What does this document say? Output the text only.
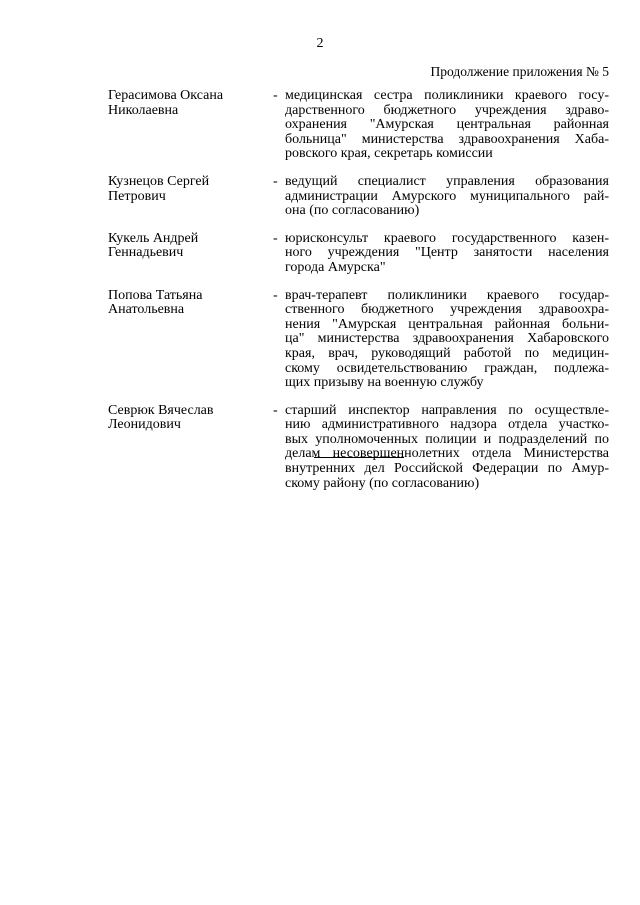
2
Продолжение приложения № 5
Герасимова Оксана
Николаевна
- медицинская сестра поликлиники краевого госу-
дарственного бюджетного учреждения здраво-
охранения "Амурская центральная районная
больница" министерства здравоохранения Хаба-
ровского края, секретарь комиссии
Кузнецов Сергей
Петрович
- ведущий специалист управления образования
администрации Амурского муниципального рай-
она (по согласованию)
Кукель Андрей
Геннадьевич
- юрисконсульт краевого государственного казен-
ного учреждения "Центр занятости населения
города Амурска"
Попова Татьяна
Анатольевна
- врач-терапевт поликлиники краевого государ-
ственного бюджетного учреждения здравоохра-
нения "Амурская центральная районная больни-
ца" министерства здравоохранения Хабаровского
края, врач, руководящий работой по медицин-
скому освидетельствованию граждан, подлежа-
щих призыву на военную службу
Севрюк Вячеслав
Леонидович
- старший инспектор направления по осуществле-
нию административного надзора отдела участко-
вых уполномоченных полиции и подразделений по
делам несовершеннолетних отдела Министерства
внутренних дел Российской Федерации по Амур-
скому району (по согласованию)
